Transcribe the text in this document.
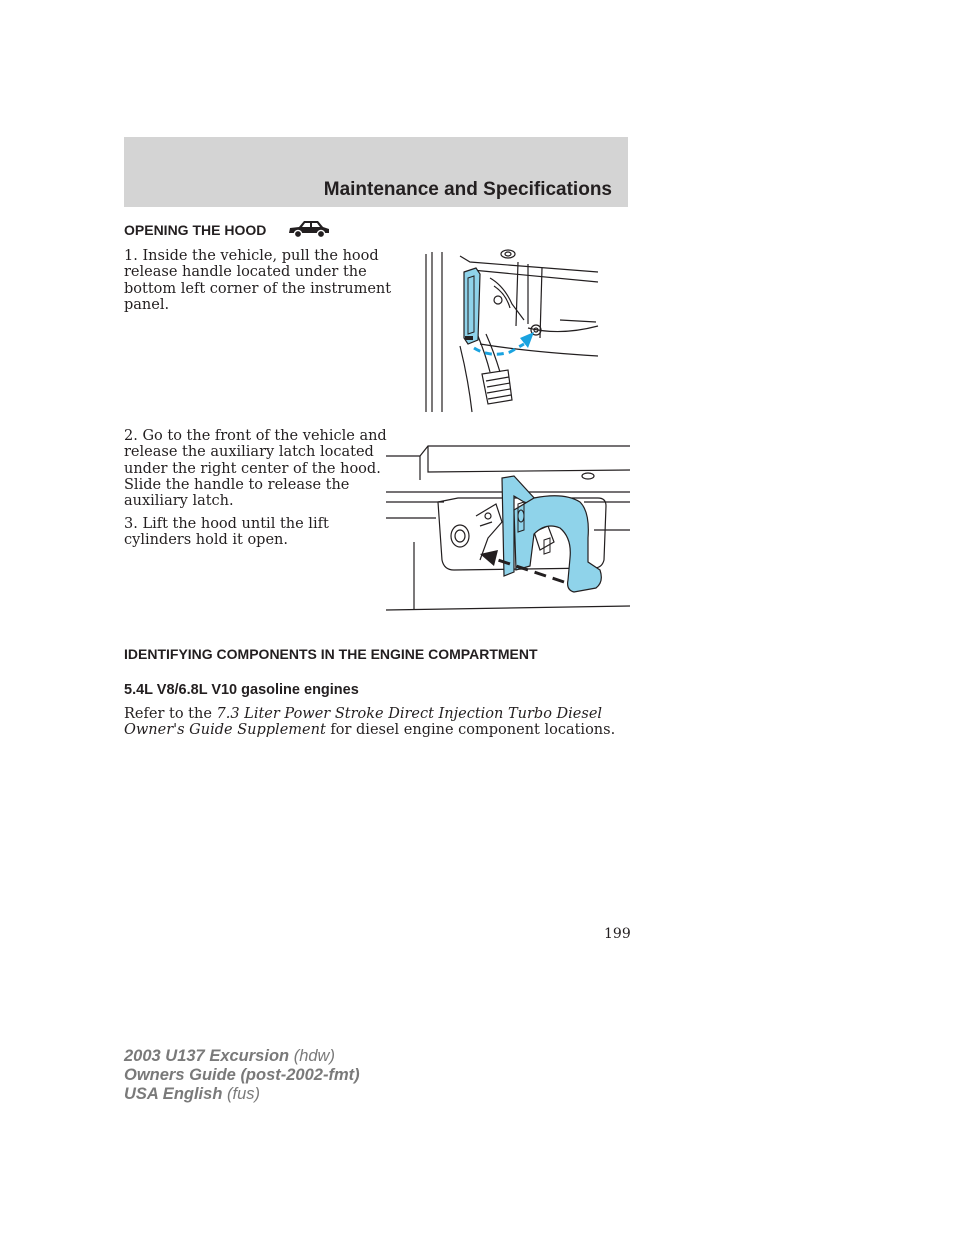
Maintenance and Specifications
OPENING THE HOOD

1. Inside the vehicle, pull the hood
release handle located under the
bottom left corner of the instrument
panel.

2. Go to the front of the vehicle and
release the auxiliary latch located
under the right center of the hood.
Slide the handle to release the
auxiliary latch.

3. Lift the hood until the lift
cylinders hold it open.

IDENTIFYING COMPONENTS IN THE ENGINE COMPARTMENT
5.4L V8/6.8L V10 gasoline engines

Refer to the 7.3 Liter Power Stroke Direct Injection Turbo Diesel
Owner's Guide Supplement for diesel engine component locations.

199
2003 U137 Excursion (hdw)
Owners Guide (post-2002-fmt)
USA English (fus)
